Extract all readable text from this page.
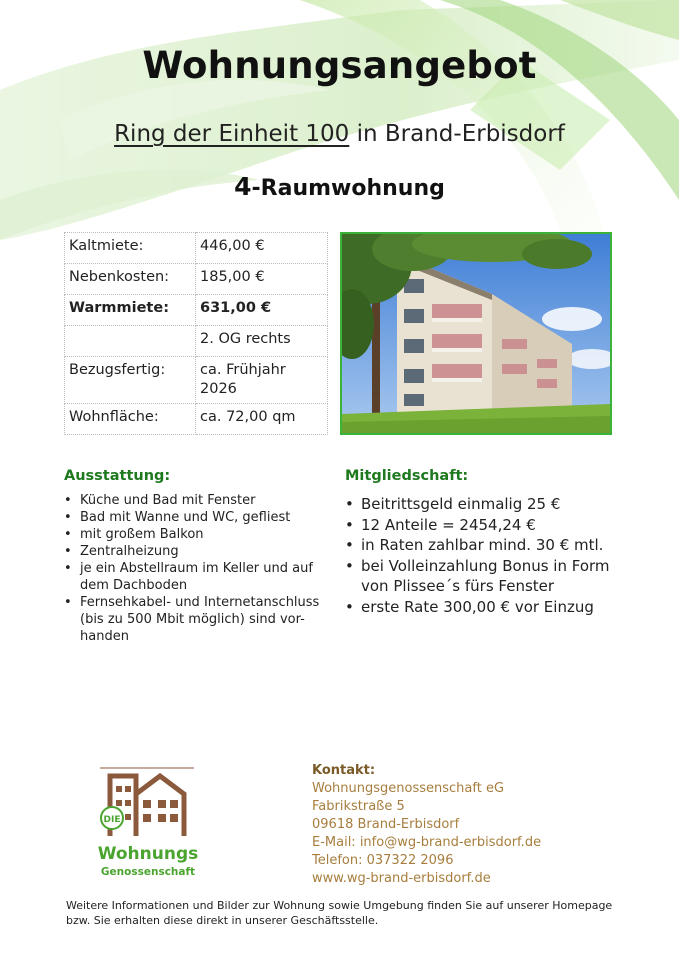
Wohnungsangebot
Ring der Einheit 100 in Brand-Erbisdorf
4-Raumwohnung
Kaltmiete:	446,00 €
Nebenkosten:	185,00 €
Warmmiete:	631,00 €
	2. OG rechts
Bezugsfertig:	ca. Frühjahr 2026
Wohnfläche:	ca. 72,00 qm
Ausstattung:
• Küche und Bad mit Fenster
• Bad mit Wanne und WC, gefliest
• mit großem Balkon
• Zentralheizung
• je ein Abstellraum im Keller und auf dem Dachboden
• Fernsehkabel- und Internetanschluss (bis zu 500 Mbit möglich) sind vor-handen
Mitgliedschaft:
• Beitrittsgeld einmalig 25 €
• 12 Anteile = 2454,24 €
• in Raten zahlbar mind. 30 € mtl.
• bei Volleinzahlung Bonus in Form von Plissee´s fürs Fenster
• erste Rate 300,00 € vor Einzug
DIE
Wohnungs
Genossenschaft
Kontakt:
Wohnungsgenossenschaft eG
Fabrikstraße 5
09618 Brand-Erbisdorf
E-Mail: info@wg-brand-erbisdorf.de
Telefon: 037322 2096
www.wg-brand-erbisdorf.de
Weitere Informationen und Bilder zur Wohnung sowie Umgebung finden Sie auf unserer Homepage bzw. Sie erhalten diese direkt in unserer Geschäftsstelle.
